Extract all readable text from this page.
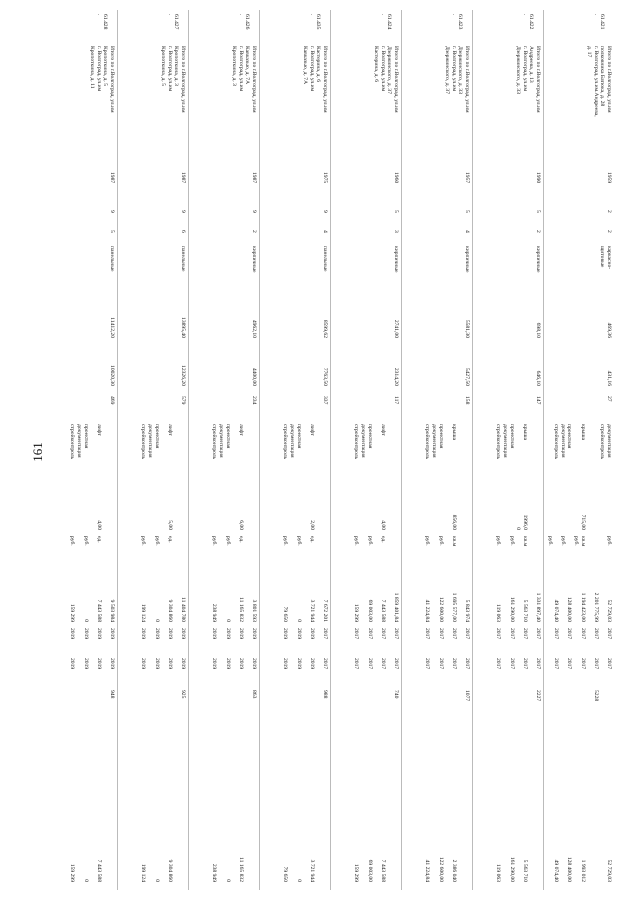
161

61.421
.
Итого по г.Волгоград, ул.им
полковника Батюка, д. 28
г. Волгоград, ул.им.Андреева,
д. 17
1959
2
2
каркасно-
щитовые
469,36
431,16
27
документация
стройконтроль

крыша

проектная
документация
стройконтроль

715,00
руб.

кв.м
руб.

руб.

руб.
52 729,03

2 201 775,99

1 194 423,00

128 400,00

49 074,40
2017

2017

2017

2017

2017
2017

2017

2017

2017

2017

5228
52 729,03

1 993 012

128 400,00

49 074,40

61.422
.
Итого по г.Волгоград, ул.им
Андреева, д. 13
г. Волгоград, ул.им
Дзержинского, д. 33
1990
5
2
кирпичные
698,10
646,10
147

крыша

проектная
документация
стройконтроль

1996,0
0

кв.м

руб.

руб.
1 331 897,40

5 563 710

161 290,00

119 063
2017

2017

2017

2017
2017

2017

2017

2017
2227

5 563 710

161 290,00

119 063

61.423
.
Итого по г.Волгоград, ул.им
Дзержинского, д. 33
г. Волгоград, ул.им
Дзержинского, д. 37
1957
5
4
кирпичные
5581,30
5427,50
158

крыша

проектная
документация
стройконтроль

856,00

кв.м

руб.

руб.
5 843 974

1 695 577,00

122 600,00

41 224,84
2017

2017

2017

2017
2017

2017

2017

2017
1077

2 386 040

122 600,00

41 224,84

61.424
.
Итого по г.Волгоград, ул.им
Дзержинского, д. 37
г. Волгоград, ул.им
Кастерина, д. 6
1960
5
3
кирпичные
2741,00
2314,20
117

лифт

проектная
документация
стройконтроль

4,00

ед.

руб.

руб.
1 859 401,84

7 443 588

69 003,00

159 299
2017

2017

2017

2017
2017

2017

2017

2017
740

7 443 588

69 003,00

159 299

61.435
.
Итого по г.Волгоград, ул.им
Кастерина, д. 6
г. Волгоград, ул.им
Кавказью, д. 7А
1975
9
4
панельные
8599,62
7763,50
337

лифт

проектная
документация
стройконтроль

2,00

ед.

руб.

руб.
7 672 201

3 721 944

0

79 650
2017

2019

2019

2019
2017

2019

2019

2019
988

3 721 944

0

79 650

61.426
.
Итого по г.Волгоград, ул.им
Кавказью, д. 7А
г. Волгоград, ул.им
Кропоткина, д. 3
1987
9
2
кирпичные
4962,10
4400,00
234

лифт

проектная
документация
стройконтроль

6,00

ед.

руб.

руб.
3 801 593

11 165 832

0

238 949
2019

2019

2019

2019
2019

2019

2019

2019
863

11 165 832

0

238 949

61.427
.
Итого по г.Волгоград, ул.им
Кропоткина, д. 3
г. Волгоград, ул.им
Кропоткина, д. 5
1987
9
6
панельные
13895,40
12326,20
579

лифт

проектная
документация
стройконтроль

5,00

ед.

руб.

руб.
11 404 780

9 304 860

0

199 124
2019

2019

2019

2019
2019

2019

2019

2019
925

9 304 860

0

199 124

61.428
.
Итого по г.Волгоград, ул.им
Кропоткина, д. 5
г. Волгоград, ул.им
Кропоткина, д. 11
1987
9
5
панельные
11412,20
10020,30
469

лифт

проектная
документация
стройконтроль

4,00

ед.

руб.

руб.
9 503 984

7 443 588

0

159 299
2019

2019

2019

2019
2019

2019

2019

2019
948

7 443 588

0

159 299
